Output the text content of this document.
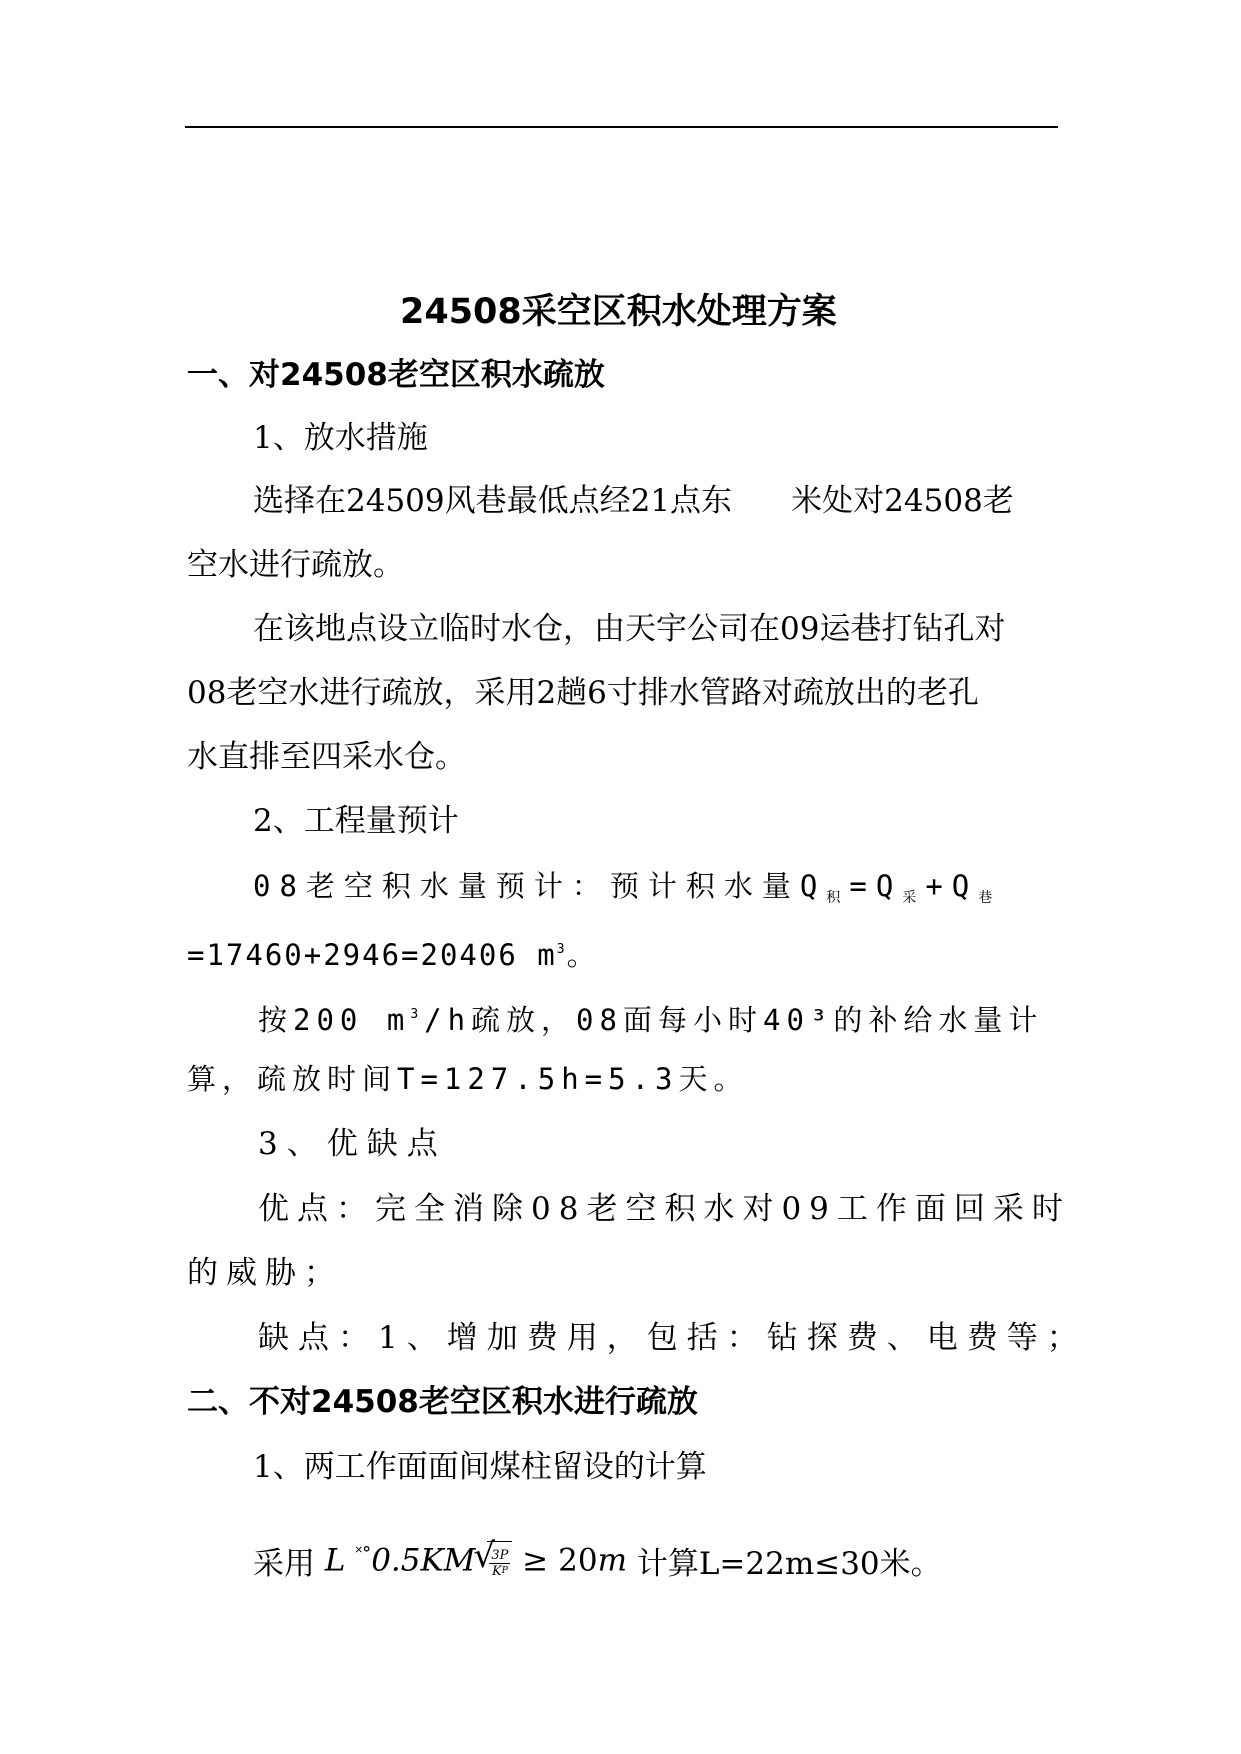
24508采空区积水处理方案
一、对24508老空区积水疏放
1、放水措施
选择在24509风巷最低点经21点东      米处对24508老
空水进行疏放。
在该地点设立临时水仓，由天宇公司在09运巷打钻孔对
08老空水进行疏放，采用2趟6寸排水管路对疏放出的老孔
水直排至四采水仓。
2、工程量预计
08老空积水量预计：预计积水量$Q_积=Q_采+Q_巷$
=17460+2946=20406 $m^3$。
按200 $m^3/h$疏放，08面每小时40³的补给水量计
算，疏放时间T=127.5h=5.3天。
3、优缺点
优点：完全消除08老空积水对09工作面回采时
的威胁；
缺点：1、增加费用，包括：钻探费、电费等；
二、不对24508老空区积水进行疏放
1、两工作面面间煤柱留设的计算
采用 L ˟°0.5KM
√ $\frac{3P}{KP} \ge 20m$ 计算L=22m≤30米。
